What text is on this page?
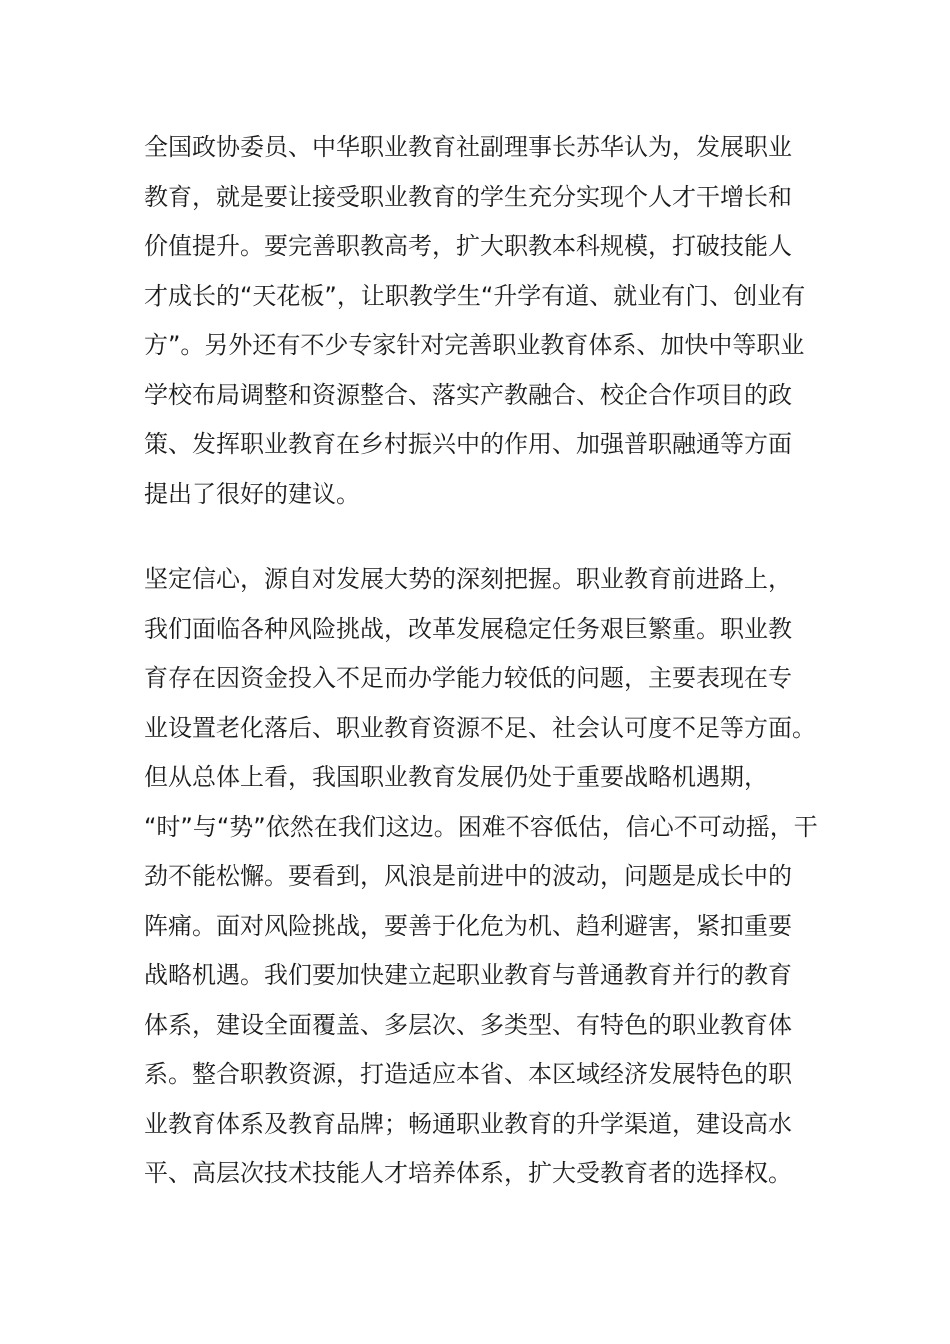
全国政协委员、中华职业教育社副理事长苏华认为，发展职业
教育，就是要让接受职业教育的学生充分实现个人才干增长和
价值提升。要完善职教高考，扩大职教本科规模，打破技能人
才成长的“天花板”，让职教学生“升学有道、就业有门、创业有
方”。另外还有不少专家针对完善职业教育体系、加快中等职业
学校布局调整和资源整合、落实产教融合、校企合作项目的政
策、发挥职业教育在乡村振兴中的作用、加强普职融通等方面
提出了很好的建议。
坚定信心，源自对发展大势的深刻把握。职业教育前进路上，
我们面临各种风险挑战，改革发展稳定任务艰巨繁重。职业教
育存在因资金投入不足而办学能力较低的问题，主要表现在专
业设置老化落后、职业教育资源不足、社会认可度不足等方面。
但从总体上看，我国职业教育发展仍处于重要战略机遇期，
“时”与“势”依然在我们这边。困难不容低估，信心不可动摇，干
劲不能松懈。要看到，风浪是前进中的波动，问题是成长中的
阵痛。面对风险挑战，要善于化危为机、趋利避害，紧扣重要
战略机遇。我们要加快建立起职业教育与普通教育并行的教育
体系，建设全面覆盖、多层次、多类型、有特色的职业教育体
系。整合职教资源，打造适应本省、本区域经济发展特色的职
业教育体系及教育品牌；畅通职业教育的升学渠道，建设高水
平、高层次技术技能人才培养体系，扩大受教育者的选择权。
